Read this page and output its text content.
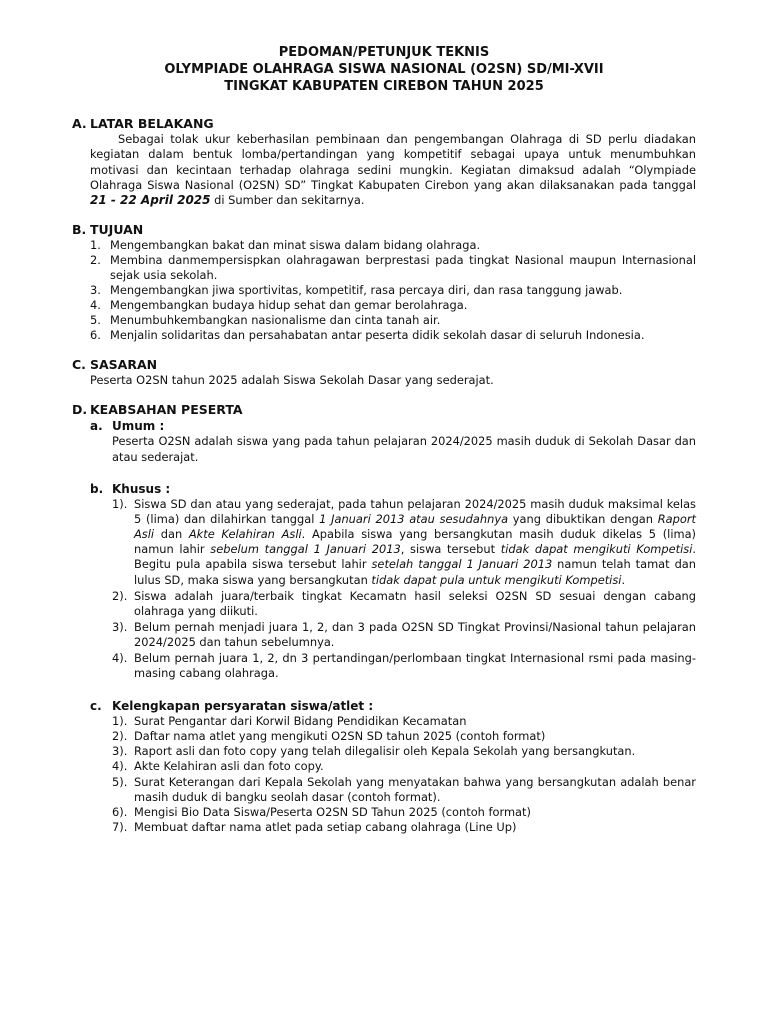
PEDOMAN/PETUNJUK TEKNIS
OLYMPIADE OLAHRAGA SISWA NASIONAL (O2SN) SD/MI-XVII
TINGKAT KABUPATEN CIREBON TAHUN 2025
A. LATAR BELAKANG
Sebagai tolak ukur keberhasilan pembinaan dan pengembangan Olahraga di SD perlu diadakan kegiatan dalam bentuk lomba/pertandingan yang kompetitif sebagai upaya untuk menumbuhkan motivasi dan kecintaan terhadap olahraga sedini mungkin. Kegiatan dimaksud adalah “Olympiade Olahraga Siswa Nasional (O2SN) SD” Tingkat Kabupaten Cirebon yang akan dilaksanakan pada tanggal 21 - 22 April 2025 di Sumber dan sekitarnya.
B. TUJUAN
1. Mengembangkan bakat dan minat siswa dalam bidang olahraga.
2. Membina danmempersispkan olahragawan berprestasi pada tingkat Nasional maupun Internasional sejak usia sekolah.
3. Mengembangkan jiwa sportivitas, kompetitif, rasa percaya diri, dan rasa tanggung jawab.
4. Mengembangkan budaya hidup sehat dan gemar berolahraga.
5. Menumbuhkembangkan nasionalisme dan cinta tanah air.
6. Menjalin solidaritas dan persahabatan antar peserta didik sekolah dasar di seluruh Indonesia.
C. SASARAN
Peserta O2SN tahun 2025 adalah Siswa Sekolah Dasar yang sederajat.
D. KEABSAHAN PESERTA
a. Umum :
Peserta O2SN adalah siswa yang pada tahun pelajaran 2024/2025 masih duduk di Sekolah Dasar dan atau sederajat.
b. Khusus :
1). Siswa SD dan atau yang sederajat, pada tahun pelajaran 2024/2025 masih duduk maksimal kelas 5 (lima) dan dilahirkan tanggal 1 Januari 2013 atau sesudahnya yang dibuktikan dengan Raport Asli dan Akte Kelahiran Asli. Apabila siswa yang bersangkutan masih duduk dikelas 5 (lima) namun lahir sebelum tanggal 1 Januari 2013, siswa tersebut tidak dapat mengikuti Kompetisi. Begitu pula apabila siswa tersebut lahir setelah tanggal 1 Januari 2013 namun telah tamat dan lulus SD, maka siswa yang bersangkutan tidak dapat pula untuk mengikuti Kompetisi.
2). Siswa adalah juara/terbaik tingkat Kecamatn hasil seleksi O2SN SD sesuai dengan cabang olahraga yang diikuti.
3). Belum pernah menjadi juara 1, 2, dan 3 pada O2SN SD Tingkat Provinsi/Nasional tahun pelajaran 2024/2025 dan tahun sebelumnya.
4). Belum pernah juara 1, 2, dn 3 pertandingan/perlombaan tingkat Internasional rsmi pada masing-masing cabang olahraga.
c. Kelengkapan persyaratan siswa/atlet :
1). Surat Pengantar dari Korwil Bidang Pendidikan Kecamatan
2). Daftar nama atlet yang mengikuti O2SN SD tahun 2025 (contoh format)
3). Raport asli dan foto copy yang telah dilegalisir oleh Kepala Sekolah yang bersangkutan.
4). Akte Kelahiran asli dan foto copy.
5). Surat Keterangan dari Kepala Sekolah yang menyatakan bahwa yang bersangkutan adalah benar masih duduk di bangku seolah dasar (contoh format).
6). Mengisi Bio Data Siswa/Peserta O2SN SD Tahun 2025 (contoh format)
7). Membuat daftar nama atlet pada setiap cabang olahraga (Line Up)
